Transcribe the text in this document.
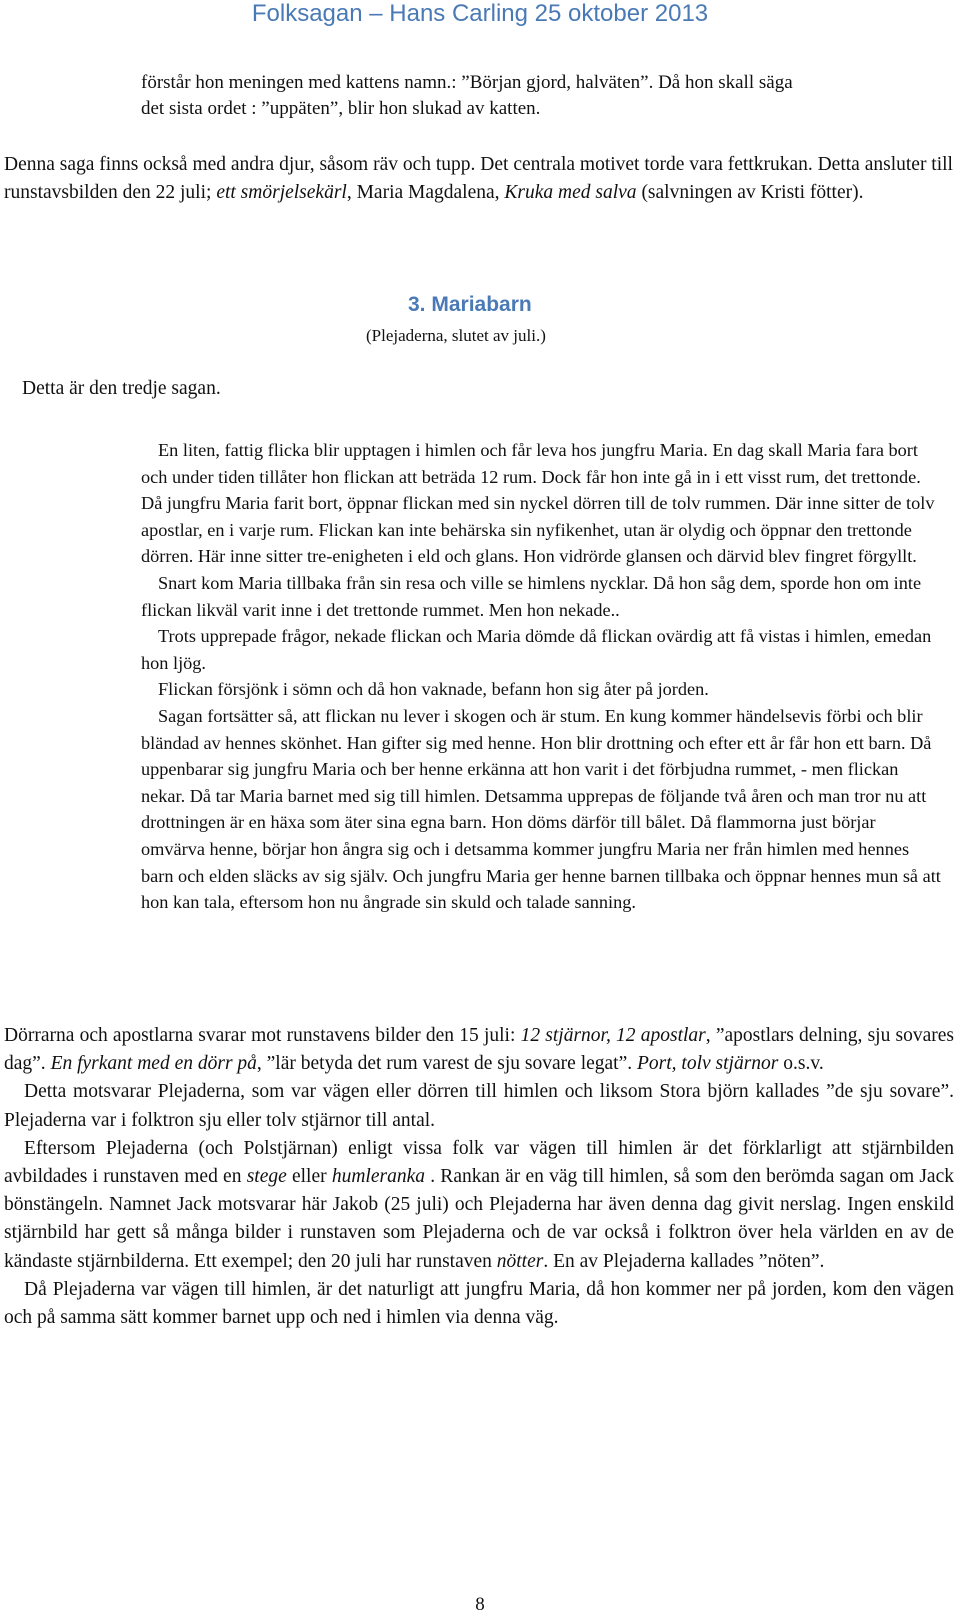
Folksagan – Hans Carling 25 oktober 2013
förstår hon meningen med kattens namn.: ”Början gjord, halväten”. Då hon skall säga
det sista ordet : ”uppäten”, blir hon slukad av katten.
Denna saga finns också med andra djur, såsom räv och tupp. Det centrala motivet torde vara fettkrukan. Detta ansluter till runstavsbilden den 22 juli; ett smörjelsekärl, Maria Magdalena, Kruka med salva (salvningen av Kristi fötter).
3. Mariabarn
(Plejaderna, slutet av juli.)
Detta är den tredje sagan.

En liten, fattig flicka blir upptagen i himlen och får leva hos jungfru Maria. En dag skall Maria fara bort och under tiden tillåter hon flickan att beträda 12 rum. Dock får hon inte gå in i ett visst rum, det trettonde. Då jungfru Maria farit bort, öppnar flickan med sin nyckel dörren till de tolv rummen. Där inne sitter de tolv apostlar, en i varje rum. Flickan kan inte behärska sin nyfikenhet, utan är olydig och öppnar den trettonde dörren. Här inne sitter tre-enigheten i eld och glans. Hon vidrörde glansen och därvid blev fingret förgyllt.

Snart kom Maria tillbaka från sin resa och ville se himlens nycklar. Då hon såg dem, sporde hon om inte flickan likväl varit inne i det trettonde rummet. Men hon nekade..

Trots upprepade frågor, nekade flickan och Maria dömde då flickan ovärdig att få vistas i himlen, emedan hon ljög.

Flickan försjönk i sömn och då hon vaknade, befann hon sig åter på jorden.

Sagan fortsätter så, att flickan nu lever i skogen och är stum. En kung kommer händelsevis förbi och blir bländad av hennes skönhet. Han gifter sig med henne. Hon blir drottning och efter ett år får hon ett barn. Då uppenbarar sig jungfru Maria och ber henne erkänna att hon varit i det förbjudna rummet, - men flickan nekar. Då tar Maria barnet med sig till himlen. Detsamma upprepas de följande två åren och man tror nu att drottningen är en häxa som äter sina egna barn. Hon döms därför till bålet. Då flammorna just börjar omvärva henne, börjar hon ångra sig och i detsamma kommer jungfru Maria ner från himlen med hennes barn och elden släcks av sig själv. Och jungfru Maria ger henne barnen tillbaka och öppnar hennes mun så att hon kan tala, eftersom hon nu ångrade sin skuld och talade sanning.

Dörrarna och apostlarna svarar mot runstavens bilder den 15 juli: 12 stjärnor, 12 apostlar, ”apostlars delning, sju sovares dag”. En fyrkant med en dörr på, ”lär betyda det rum varest de sju sovare legat”. Port, tolv stjärnor o.s.v.

Detta motsvarar Plejaderna, som var vägen eller dörren till himlen och liksom Stora björn kallades ”de sju sovare”. Plejaderna var i folktron sju eller tolv stjärnor till antal.

Eftersom Plejaderna (och Polstjärnan) enligt vissa folk var vägen till himlen är det förklarligt att stjärnbilden avbildades i runstaven med en stege eller humleranka . Rankan är en väg till himlen, så som den berömda sagan om Jack bönstängeln. Namnet Jack motsvarar här Jakob (25 juli) och Plejaderna har även denna dag givit nerslag. Ingen enskild stjärnbild har gett så många bilder i runstaven som Plejaderna och de var också i folktron över hela världen en av de kändaste stjärnbilderna. Ett exempel; den 20 juli har runstaven nötter. En av Plejaderna kallades ”nöten”.

Då Plejaderna var vägen till himlen, är det naturligt att jungfru Maria, då hon kommer ner på jorden, kom den vägen och på samma sätt kommer barnet upp och ned i himlen via denna väg.

8
